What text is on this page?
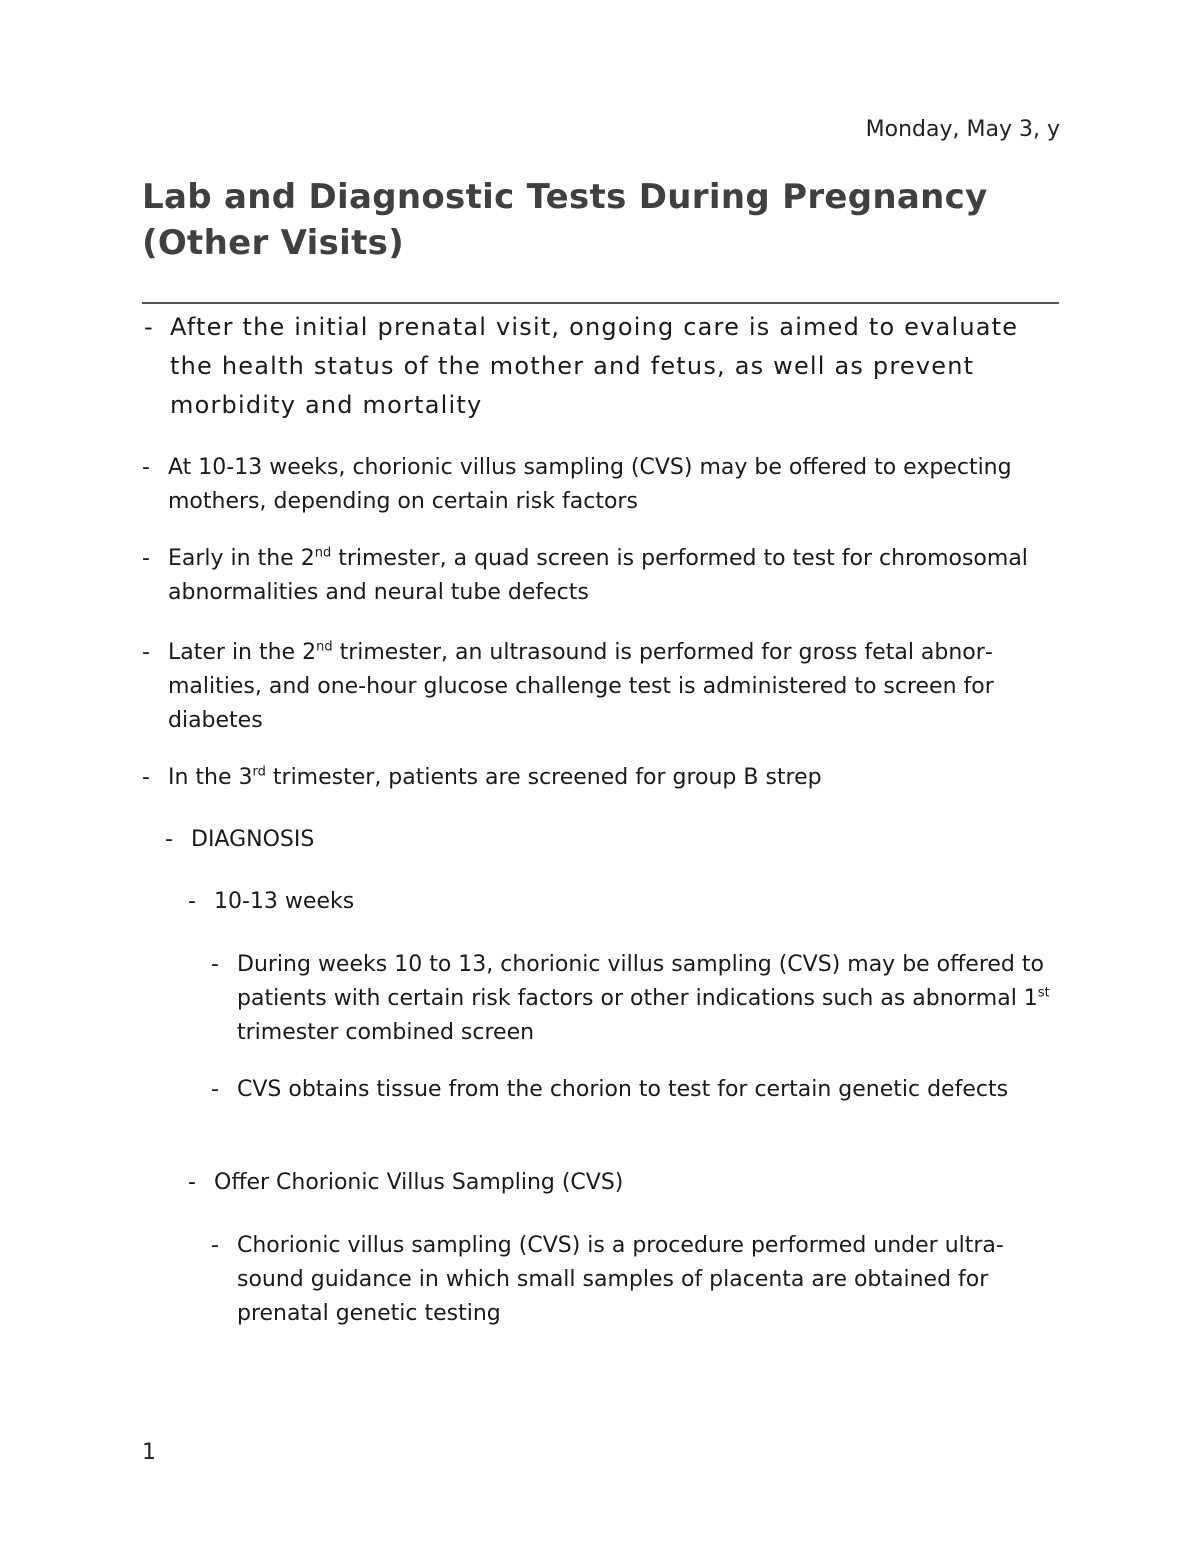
Monday, May 3, y
Lab and Diagnostic Tests During Pregnancy (Other Visits)
- After the initial prenatal visit, ongoing care is aimed to evaluate the health status of the mother and fetus, as well as prevent morbidity and mortality
- At 10-13 weeks, chorionic villus sampling (CVS) may be offered to expecting mothers, depending on certain risk factors
- Early in the 2nd trimester, a quad screen is performed to test for chromosomal abnormalities and neural tube defects
- Later in the 2nd trimester, an ultrasound is performed for gross fetal abnormalities, and one-hour glucose challenge test is administered to screen for diabetes
- In the 3rd trimester, patients are screened for group B strep
- DIAGNOSIS
- 10-13 weeks
- During weeks 10 to 13, chorionic villus sampling (CVS) may be offered to patients with certain risk factors or other indications such as abnormal 1st trimester combined screen
- CVS obtains tissue from the chorion to test for certain genetic defects
- Offer Chorionic Villus Sampling (CVS)
- Chorionic villus sampling (CVS) is a procedure performed under ultrasound guidance in which small samples of placenta are obtained for prenatal genetic testing
1
